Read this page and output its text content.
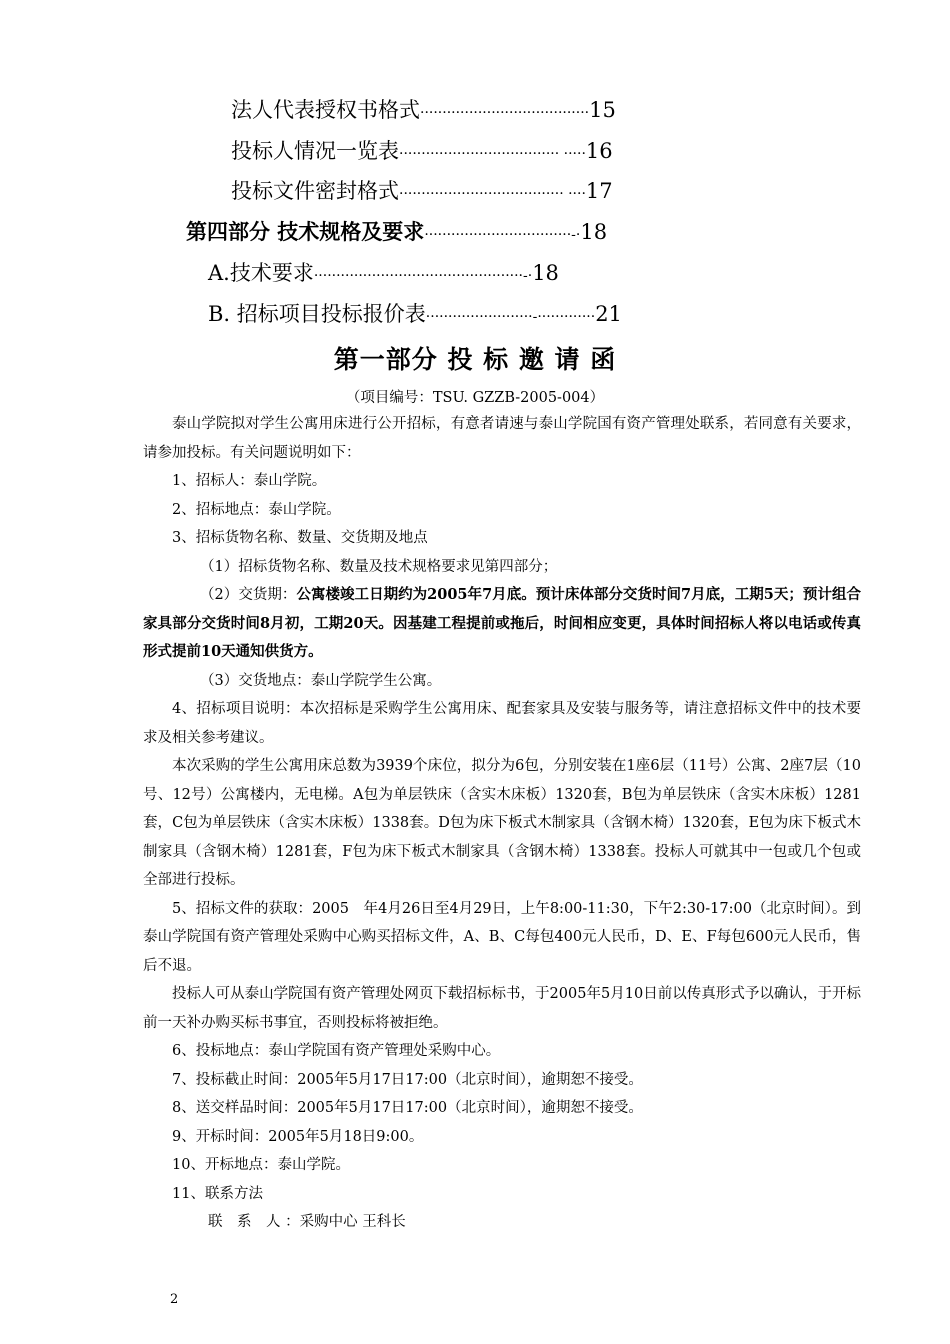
法人代表授权书格式······································15
投标人情况一览表···································· ·····16
投标文件密封格式····································· ····17
第四部分 技术规格及要求·································-·18
A.技术要求···············································-·18
B. 招标项目投标报价表························-·············21
第一部分 投 标 邀 请 函
（项目编号：TSU. GZZB-2005-004）

泰山学院拟对学生公寓用床进行公开招标，有意者请速与泰山学院国有资产管理处联系，若同意有关要求，请参加投标。有关问题说明如下：

1、招标人：泰山学院。

2、招标地点：泰山学院。

3、招标货物名称、数量、交货期及地点

（1）招标货物名称、数量及技术规格要求见第四部分；

（2）交货期：公寓楼竣工日期约为2005年7月底。预计床体部分交货时间7月底，工期5天；预计组合家具部分交货时间8月初，工期20天。因基建工程提前或拖后，时间相应变更，具体时间招标人将以电话或传真形式提前10天通知供货方。

（3）交货地点：泰山学院学生公寓。

4、招标项目说明：本次招标是采购学生公寓用床、配套家具及安装与服务等，请注意招标文件中的技术要求及相关参考建议。

本次采购的学生公寓用床总数为3939个床位，拟分为6包，分别安装在1座6层（11号）公寓、2座7层（10号、12号）公寓楼内，无电梯。A包为单层铁床（含实木床板）1320套，B包为单层铁床（含实木床板）1281套，C包为单层铁床（含实木床板）1338套。D包为床下板式木制家具（含钢木椅）1320套，E包为床下板式木制家具（含钢木椅）1281套，F包为床下板式木制家具（含钢木椅）1338套。投标人可就其中一包或几个包或全部进行投标。

5、招标文件的获取：2005　年4月26日至4月29日，上午8:00-11:30，下午2:30-17:00（北京时间）。到泰山学院国有资产管理处采购中心购买招标文件，A、B、C每包400元人民币，D、E、F每包600元人民币，售后不退。

投标人可从泰山学院国有资产管理处网页下载招标标书，于2005年5月10日前以传真形式予以确认，于开标前一天补办购买标书事宜，否则投标将被拒绝。

6、投标地点：泰山学院国有资产管理处采购中心。

7、投标截止时间：2005年5月17日17:00（北京时间），逾期恕不接受。

8、送交样品时间：2005年5月17日17:00（北京时间），逾期恕不接受。

9、开标时间：2005年5月18日9:00。

10、开标地点：泰山学院。

11、联系方法

联　系　人 ：采购中心 王科长

2
